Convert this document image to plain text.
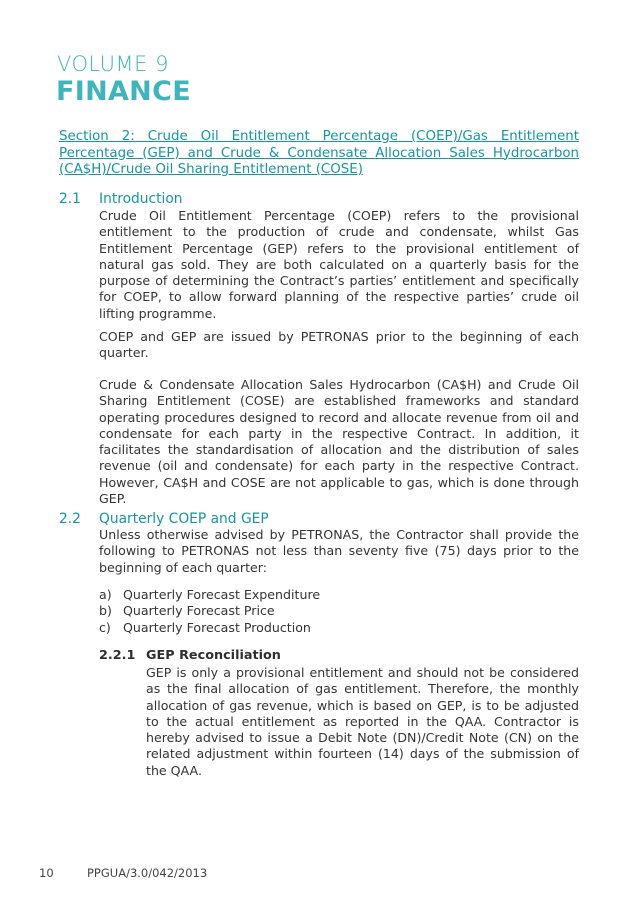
VOLUME 9
FINANCE
Section 2: Crude Oil Entitlement Percentage (COEP)/Gas Entitlement Percentage (GEP) and Crude & Condensate Allocation Sales Hydrocarbon (CA$H)/Crude Oil Sharing Entitlement (COSE)
2.1 Introduction

Crude Oil Entitlement Percentage (COEP) refers to the provisional entitlement to the production of crude and condensate, whilst Gas Entitlement Percentage (GEP) refers to the provisional entitlement of natural gas sold. They are both calculated on a quarterly basis for the purpose of determining the Contract’s parties’ entitlement and specifically for COEP, to allow forward planning of the respective parties’ crude oil lifting programme.

COEP and GEP are issued by PETRONAS prior to the beginning of each quarter.

Crude & Condensate Allocation Sales Hydrocarbon (CA$H) and Crude Oil Sharing Entitlement (COSE) are established frameworks and standard operating procedures designed to record and allocate revenue from oil and condensate for each party in the respective Contract. In addition, it facilitates the standardisation of allocation and the distribution of sales revenue (oil and condensate) for each party in the respective Contract. However, CA$H and COSE are not applicable to gas, which is done through GEP.

2.2 Quarterly COEP and GEP

Unless otherwise advised by PETRONAS, the Contractor shall provide the following to PETRONAS not less than seventy five (75) days prior to the beginning of each quarter:

a) Quarterly Forecast Expenditure
b) Quarterly Forecast Price
c) Quarterly Forecast Production
2.2.1 GEP Reconciliation

GEP is only a provisional entitlement and should not be considered as the final allocation of gas entitlement. Therefore, the monthly allocation of gas revenue, which is based on GEP, is to be adjusted to the actual entitlement as reported in the QAA. Contractor is hereby advised to issue a Debit Note (DN)/Credit Note (CN) on the related adjustment within fourteen (14) days of the submission of the QAA.

10	PPGUA/3.0/042/2013
